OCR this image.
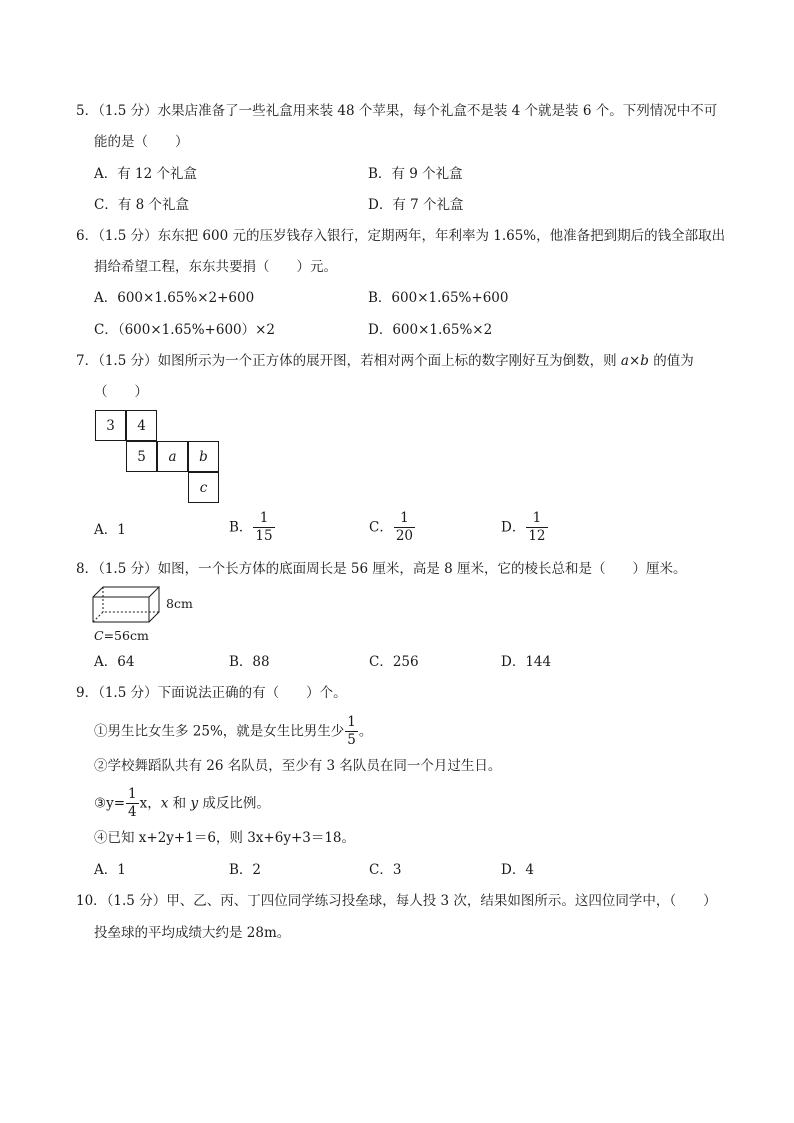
5．（1.5 分）水果店准备了一些礼盒用来装 48 个苹果，每个礼盒不是装 4 个就是装 6 个。下列情况中不可
能的是（　　）
A．有 12 个礼盒	B．有 9 个礼盒
C．有 8 个礼盒	D．有 7 个礼盒
6．（1.5 分）东东把 600 元的压岁钱存入银行，定期两年，年利率为 1.65%，他准备把到期后的钱全部取出
捐给希望工程，东东共要捐（　　）元。
A．600×1.65%×2+600	B．600×1.65%+600
C．（600×1.65%+600）×2	D．600×1.65%×2
7．（1.5 分）如图所示为一个正方体的展开图，若相对两个面上标的数字刚好互为倒数，则 a×b 的值为
（　　）
3	4
5	a	b
c
A．1	B． $\frac{1}{15}$	C． $\frac{1}{20}$	D． $\frac{1}{12}$
8．（1.5 分）如图，一个长方体的底面周长是 56 厘米，高是 8 厘米，它的棱长总和是（　　）厘米。
8cm
C=56cm
A．64	B．88	C．256	D．144
9．（1.5 分）下面说法正确的有（　　）个。
①男生比女生多 25%，就是女生比男生少 $\frac{1}{5}$ 。
②学校舞蹈队共有 26 名队员，至少有 3 名队员在同一个月过生日。
③y= $\frac{1}{4}$ x，x 和 y 成反比例。
④已知 x+2y+1＝6，则 3x+6y+3＝18。
A．1	B．2	C．3	D．4
10．（1.5 分）甲、乙、丙、丁四位同学练习投垒球，每人投 3 次，结果如图所示。这四位同学中，（　　）
投垒球的平均成绩大约是 28m。
